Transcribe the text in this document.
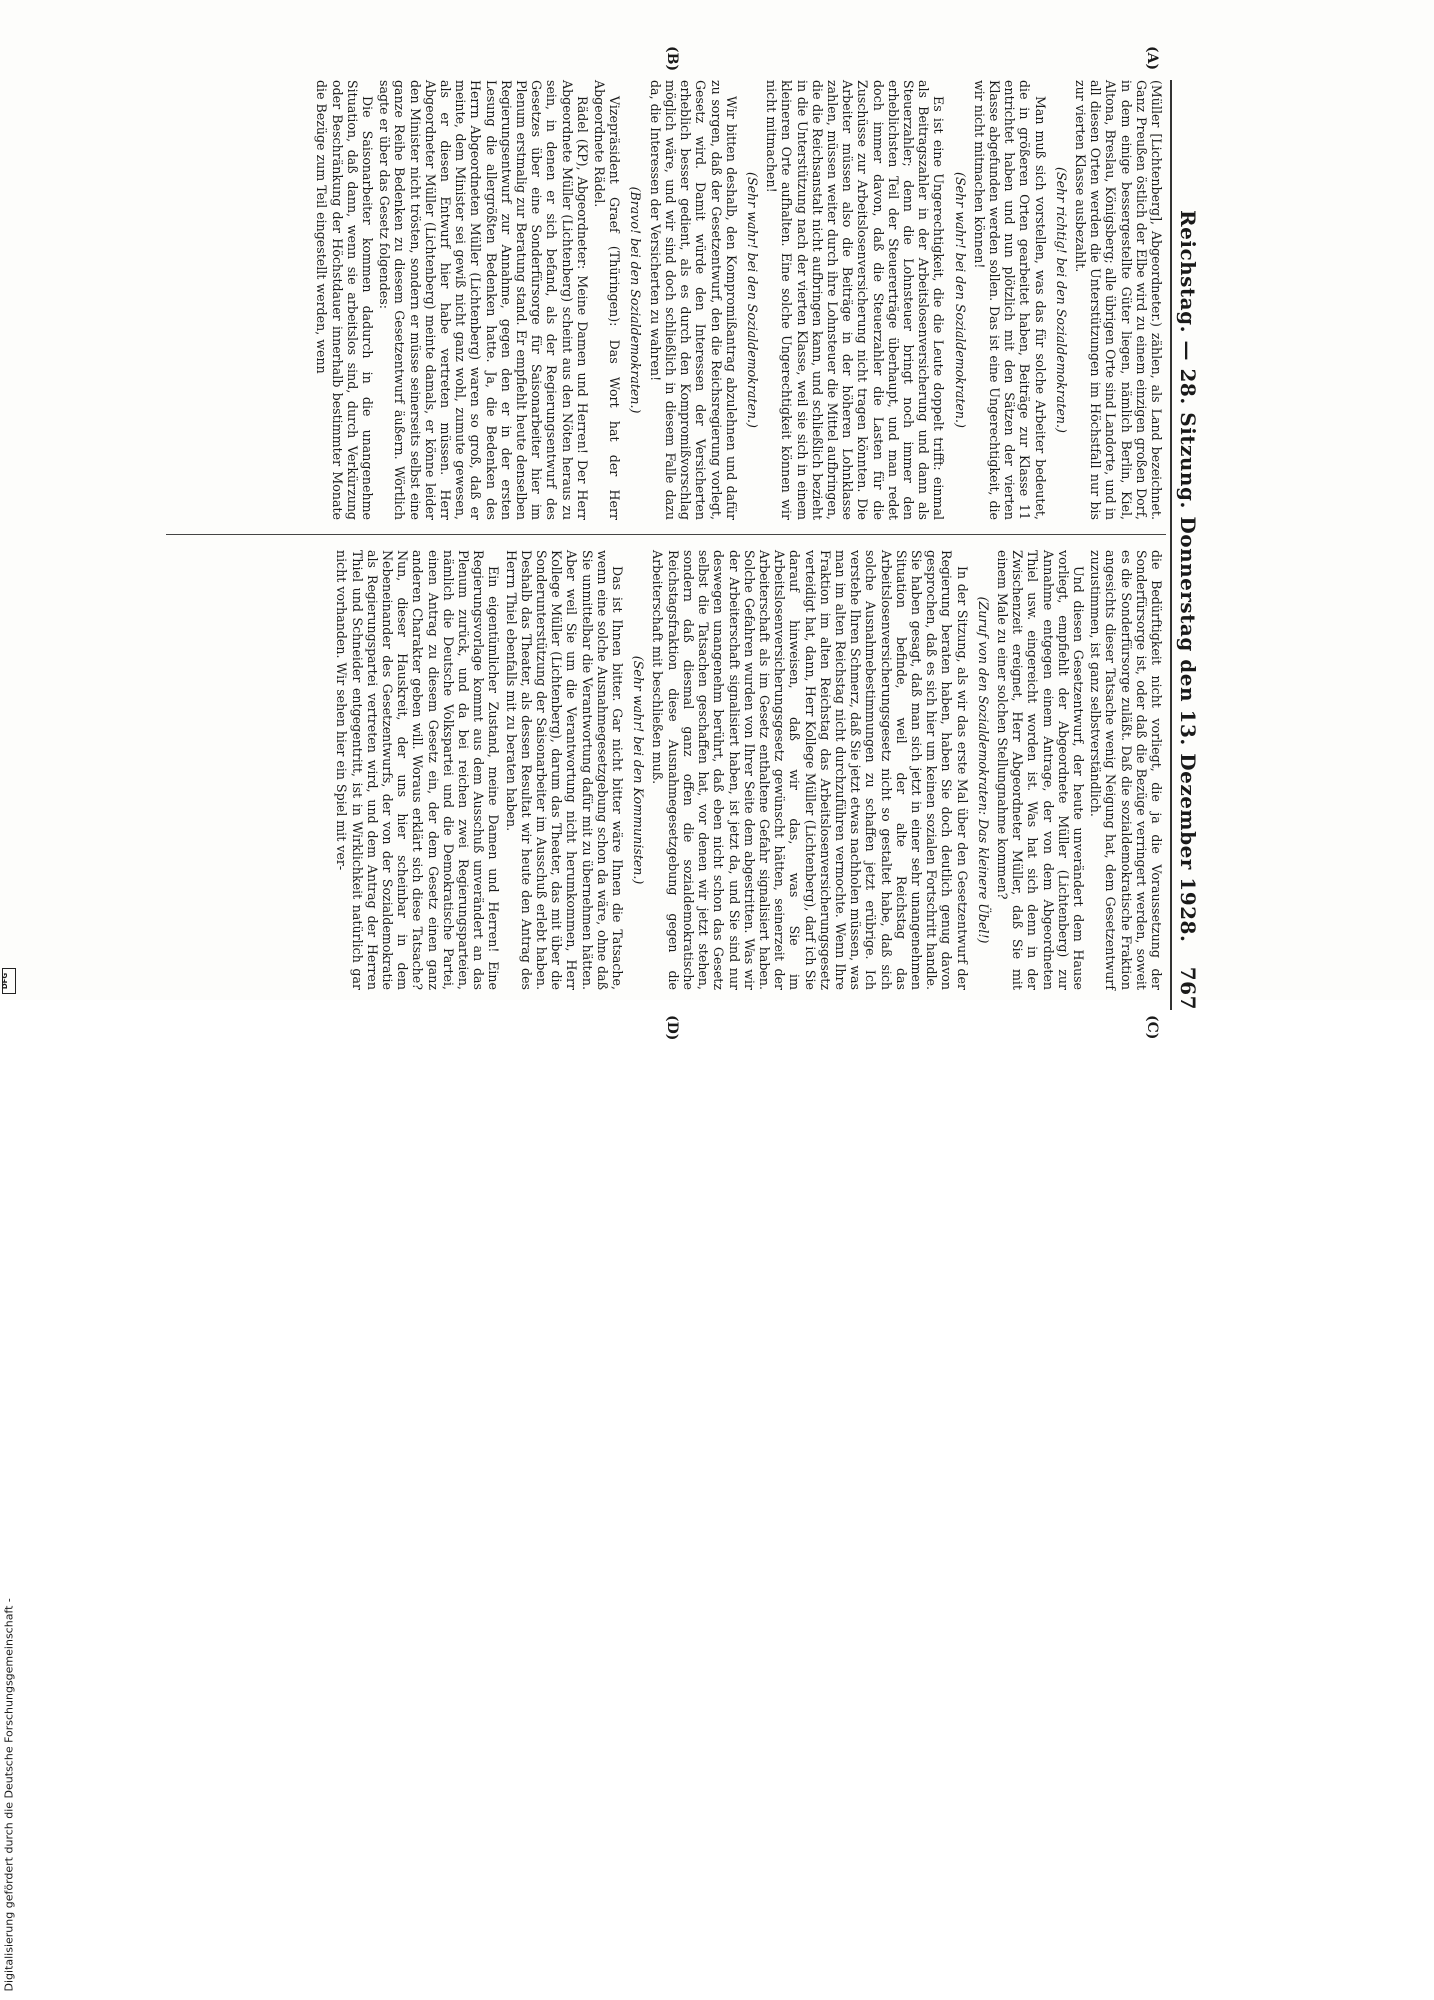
Reichstag. — 28. Sitzung. Donnerstag den 13. Dezember 1928.
767

(Müller [Lichtenberg], Abgeordneter.) zählen, als Land bezeichnet. Ganz Preußen östlich der Elbe wird zu einem einzigen großen Dorf, in dem einige bessergestellte Güter liegen, nämlich Berlin, Kiel, Altona, Breslau, Königsberg; alle übrigen Orte sind Landorte, und in all diesen Orten werden die Unterstützungen im Höchstfall nur bis zur vierten Klasse ausbezahlt.

(Sehr richtig! bei den Sozialdemokraten.)

Man muß sich vorstellen, was das für solche Arbeiter bedeutet, die in größeren Orten gearbeitet haben, Beiträge zur Klasse 11 entrichtet haben und nun plötzlich mit den Sätzen der vierten Klasse abgefunden werden sollen. Das ist eine Ungerechtigkeit, die wir nicht mitmachen können!

(Sehr wahr! bei den Sozialdemokraten.)

Es ist eine Ungerechtigkeit, die die Leute doppelt trifft: einmal als Beitragszahler in der Arbeitslosenversicherung und dann als Steuerzahler; denn die Lohnsteuer bringt noch immer den erheblichsten Teil der Steuererträge überhaupt, und man redet doch immer davon, daß die Steuerzahler die Lasten für die Zuschüsse zur Arbeitslosenversicherung nicht tragen könnten. Die Arbeiter müssen also die Beiträge in der höheren Lohnklasse zahlen, müssen weiter durch ihre Lohnsteuer die Mittel aufbringen, die die Reichsanstalt nicht aufbringen kann, und schließlich bezieht in die Unterstützung nach der vierten Klasse, weil sie sich in einem kleineren Orte aufhalten. Eine solche Ungerechtigkeit können wir nicht mitmachen!

(Sehr wahr! bei den Sozialdemokraten.)

Wir bitten deshalb, den Kompromißantrag abzulehnen und dafür zu sorgen, daß der Gesetzentwurf, den die Reichsregierung vorlegt, Gesetz wird. Damit würde den Interessen der Versicherten erheblich besser gedient, als es durch den Kompromißvorschlag möglich wäre, und wir sind doch schließlich in diesem Falle dazu da, die Interessen der Versicherten zu wahren!

(Bravo! bei den Sozialdemokraten.)

Vizepräsident Graef (Thüringen): Das Wort hat der Herr Abgeordnete Rädel.

Rädel (KP), Abgeordneter: Meine Damen und Herren! Der Herr Abgeordnete Müller (Lichtenberg) scheint aus den Nöten heraus zu sein, in denen er sich befand, als der Regierungsentwurf des Gesetzes über eine Sonderfürsorge für Saisonarbeiter hier im Plenum erstmalig zur Beratung stand. Er empfiehlt heute denselben Regierungsentwurf zur Annahme, gegen den er in der ersten Lesung die allergrößten Bedenken hatte. Ja, die Bedenken des Herrn Abgeordneten Müller (Lichtenberg) waren so groß, daß er meinte, dem Minister sei gewiß nicht ganz wohl, zumute gewesen, als er diesen Entwurf hier habe vertreten müssen. Herr Abgeordneter Müller (Lichtenberg) meinte damals, er könne leider den Minister nicht trösten, sondern er müsse seinerseits selbst eine ganze Reihe Bedenken zu diesem Gesetzentwurf äußern. Wörtlich sagte er über das Gesetz folgendes:

Die Saisonarbeiter kommen dadurch in die unangenehme Situation, daß dann, wenn sie arbeitslos sind, durch Verkürzung oder Beschränkung der Höchstdauer innerhalb bestimmter Monate die Bezüge zum Teil eingestellt werden, wenn

die Bedürftigkeit nicht vorliegt, die ja die Voraussetzung der Sonderfürsorge ist, oder daß die Bezüge verringert werden, soweit es die Sonderfürsorge zuläßt. Daß die sozialdemokratische Fraktion angesichts dieser Tatsache wenig Neigung hat, dem Gesetzentwurf zuzustimmen, ist ganz selbstverständlich.

Und diesen Gesetzentwurf, der heute unverändert dem Hause vorliegt, empfiehlt der Abgeordnete Müller (Lichtenberg) zur Annahme entgegen einem Antrage, der von dem Abgeordneten Thiel usw. eingereicht worden ist. Was hat sich denn in der Zwischenzeit ereignet, Herr Abgeordneter Müller, daß Sie mit einem Male zu einer solchen Stellungnahme kommen?

(Zuruf von den Sozialdemokraten: Das kleinere Übel!)

In der Sitzung, als wir das erste Mal über den Gesetzentwurf der Regierung beraten haben, haben Sie doch deutlich genug davon gesprochen, daß es sich hier um keinen sozialen Fortschritt handle. Sie haben gesagt, daß man sich jetzt in einer sehr unangenehmen Situation befinde, weil der alte Reichstag das Arbeitslosenversicherungsgesetz nicht so gestaltet habe, daß sich solche Ausnahmebestimmungen zu schaffen jetzt erübrige. Ich verstehe Ihren Schmerz, daß Sie jetzt etwas nachholen müssen, was man im alten Reichstag nicht durchzuführen vermochte. Wenn Ihre Fraktion im alten Reichstag das Arbeitslosenversicherungsgesetz verteidigt hat, dann, Herr Kollege Müller (Lichtenberg), darf ich Sie darauf hinweisen, daß wir das, was Sie im Arbeitslosenversicherungsgesetz gewünscht hätten, seinerzeit der Arbeiterschaft als im Gesetz enthaltene Gefahr signalisiert haben. Solche Gefahren wurden von Ihrer Seite dem abgestritten. Was wir der Arbeiterschaft signalisiert haben, ist jetzt da, und Sie sind nur deswegen unangenehm berührt, daß eben nicht schon das Gesetz selbst die Tatsachen geschaffen hat, vor denen wir jetzt stehen, sondern daß diesmal ganz offen die sozialdemokratische Reichstagsfraktion diese Ausnahmegesetzgebung gegen die Arbeiterschaft mit beschließen muß.

(Sehr wahr! bei den Kommunisten.)

Das ist Ihnen bitter. Gar nicht bitter wäre Ihnen die Tatsache, wenn eine solche Ausnahmegesetzgebung schon da wäre, ohne daß Sie unmittelbar die Verantwortung dafür mit zu übernehmen hätten. Aber weil Sie um die Verantwortung nicht herumkommen, Herr Kollege Müller (Lichtenberg), darum das Theater, das mit über die Sonderunterstützung der Saisonarbeiter im Ausschuß erlebt haben. Deshalb das Theater, als dessen Resultat wir heute den Antrag des Herrn Thiel ebenfalls mit zu beraten haben.

Ein eigentümlicher Zustand, meine Damen und Herren! Eine Regierungsvorlage kommt aus dem Ausschuß unverändert an das Plenum zurück, und da bei reichen zwei Regierungsparteien, nämlich die Deutsche Volkspartei und die Demokratische Partei, einen Antrag zu diesem Gesetz ein, der dem Gesetz einen ganz anderen Charakter geben will. Woraus erklärt sich diese Tatsache? Nun, dieser Hauskreit, der uns hier scheinbar in dem Nebeneinander des Gesetzentwurfs, der von der Sozialdemokratie als Regierungspartei vertreten wird, und dem Antrag der Herren Thiel und Schneider entgegentritt, ist in Wirklichkeit natürlich gar nicht vorhanden. Wir sehen hier ein Spiel mit ver-

(A)
(B)
(C)
(D)
Digitalisierung gefördert durch die Deutsche Forschungsgemeinschaft -
DFG
